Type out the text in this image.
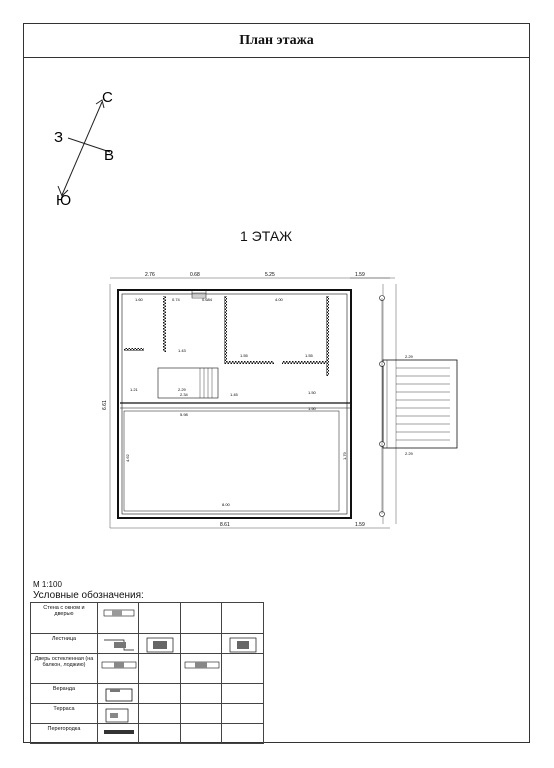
План этажа
С
З
В
Ю
1 ЭТАЖ
2.76	0.68	5.25	1.59
8.61	1.59
6.61
1.60	0.74	0.684	4.00
1.43
1.55	1.55
2.29
1.21
2.34	1.45	1.50
1.50
5.98
8.00
4.62	1.79
2.29
2.29
М 1:100
Условные обозначения:
Стена с окном и дверью	

Лестница	

Дверь остекленная (на балкон, лоджию)	

Веранда	

Терраса	

Перегородка	
